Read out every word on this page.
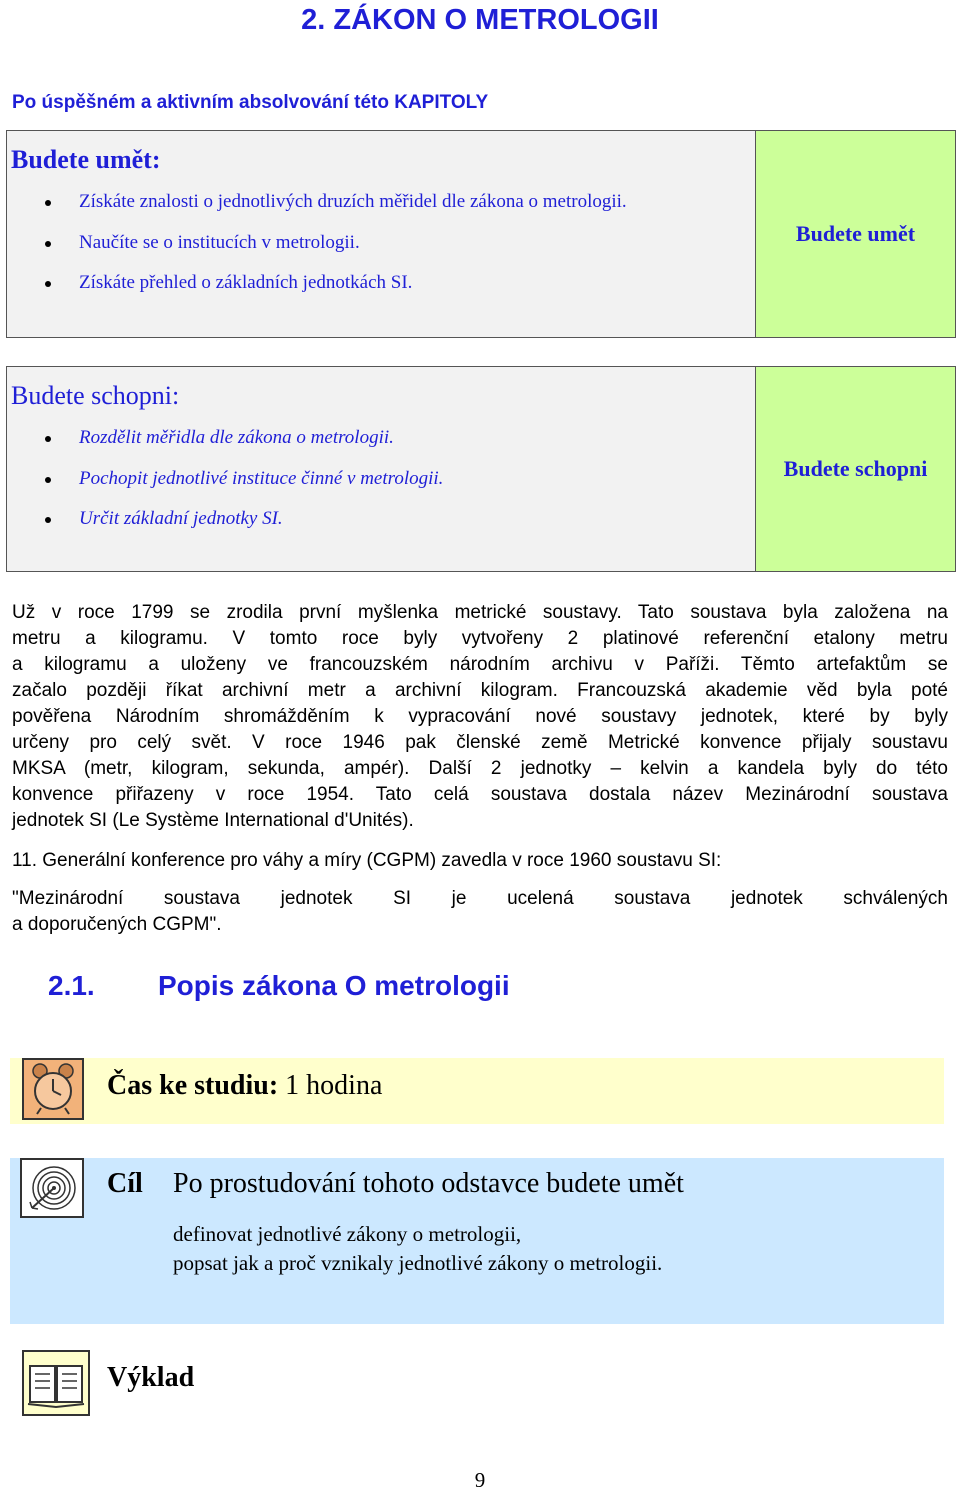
2. ZÁKON O METROLOGII
Po úspěšném a aktivním absolvování této KAPITOLY
Budete umět:
Získáte znalosti o jednotlivých druzích měřidel dle zákona o metrologii.
Naučíte se o institucích v metrologii.
Získáte přehled o základních jednotkách SI.
Budete umět
Budete schopni:
Rozdělit měřidla dle zákona o metrologii.
Pochopit jednotlivé instituce činné v metrologii.
Určit základní jednotky SI.
Budete schopni
Už v roce 1799 se zrodila první myšlenka metrické soustavy. Tato soustava byla založena na
metru a kilogramu. V tomto roce byly vytvořeny 2 platinové referenční etalony metru
a kilogramu a uloženy ve francouzském národním archivu v Paříži. Těmto artefaktům se
začalo později říkat archivní metr a archivní kilogram. Francouzská akademie věd byla poté
pověřena Národním shromážděním k vypracování nové soustavy jednotek, které by byly
určeny pro celý svět. V roce 1946 pak členské země Metrické konvence přijaly soustavu
MKSA (metr, kilogram, sekunda, ampér). Další 2 jednotky – kelvin a kandela byly do této
konvence přiřazeny v roce 1954. Tato celá soustava dostala název Mezinárodní soustava
jednotek SI (Le Systѐme International d'Unités).
11. Generální konference pro váhy a míry (CGPM) zavedla v roce 1960 soustavu SI:
"Mezinárodní soustava jednotek SI je ucelená soustava jednotek schválených
a doporučených CGPM".
2.1. Popis zákona O metrologii
Čas ke studiu: 1 hodina
Cíl Po prostudování tohoto odstavce budete umět
definovat jednotlivé zákony o metrologii,
popsat jak a proč vznikaly jednotlivé zákony o metrologii.
Výklad
9
